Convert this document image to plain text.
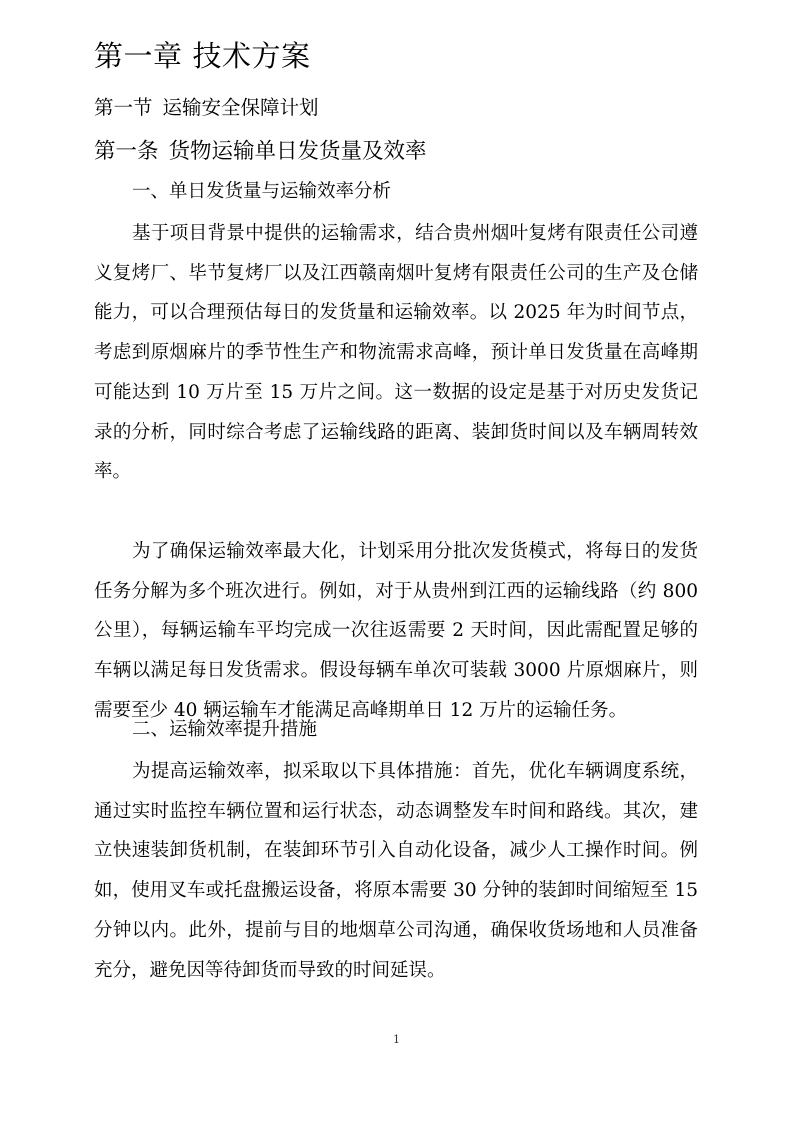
第一章 技术方案
第一节 运输安全保障计划
第一条 货物运输单日发货量及效率
一、单日发货量与运输效率分析

基于项目背景中提供的运输需求，结合贵州烟叶复烤有限责任公司遵义复烤厂、毕节复烤厂以及江西赣南烟叶复烤有限责任公司的生产及仓储能力，可以合理预估每日的发货量和运输效率。以 2025 年为时间节点，考虑到原烟麻片的季节性生产和物流需求高峰，预计单日发货量在高峰期可能达到 10 万片至 15 万片之间。这一数据的设定是基于对历史发货记录的分析，同时综合考虑了运输线路的距离、装卸货时间以及车辆周转效率。

为了确保运输效率最大化，计划采用分批次发货模式，将每日的发货任务分解为多个班次进行。例如，对于从贵州到江西的运输线路（约 800 公里），每辆运输车平均完成一次往返需要 2 天时间，因此需配置足够的车辆以满足每日发货需求。假设每辆车单次可装载 3000 片原烟麻片，则需要至少 40 辆运输车才能满足高峰期单日 12 万片的运输任务。

二、运输效率提升措施

为提高运输效率，拟采取以下具体措施：首先，优化车辆调度系统，通过实时监控车辆位置和运行状态，动态调整发车时间和路线。其次，建立快速装卸货机制，在装卸环节引入自动化设备，减少人工操作时间。例如，使用叉车或托盘搬运设备，将原本需要 30 分钟的装卸时间缩短至 15 分钟以内。此外，提前与目的地烟草公司沟通，确保收货场地和人员准备充分，避免因等待卸货而导致的时间延误。

1
